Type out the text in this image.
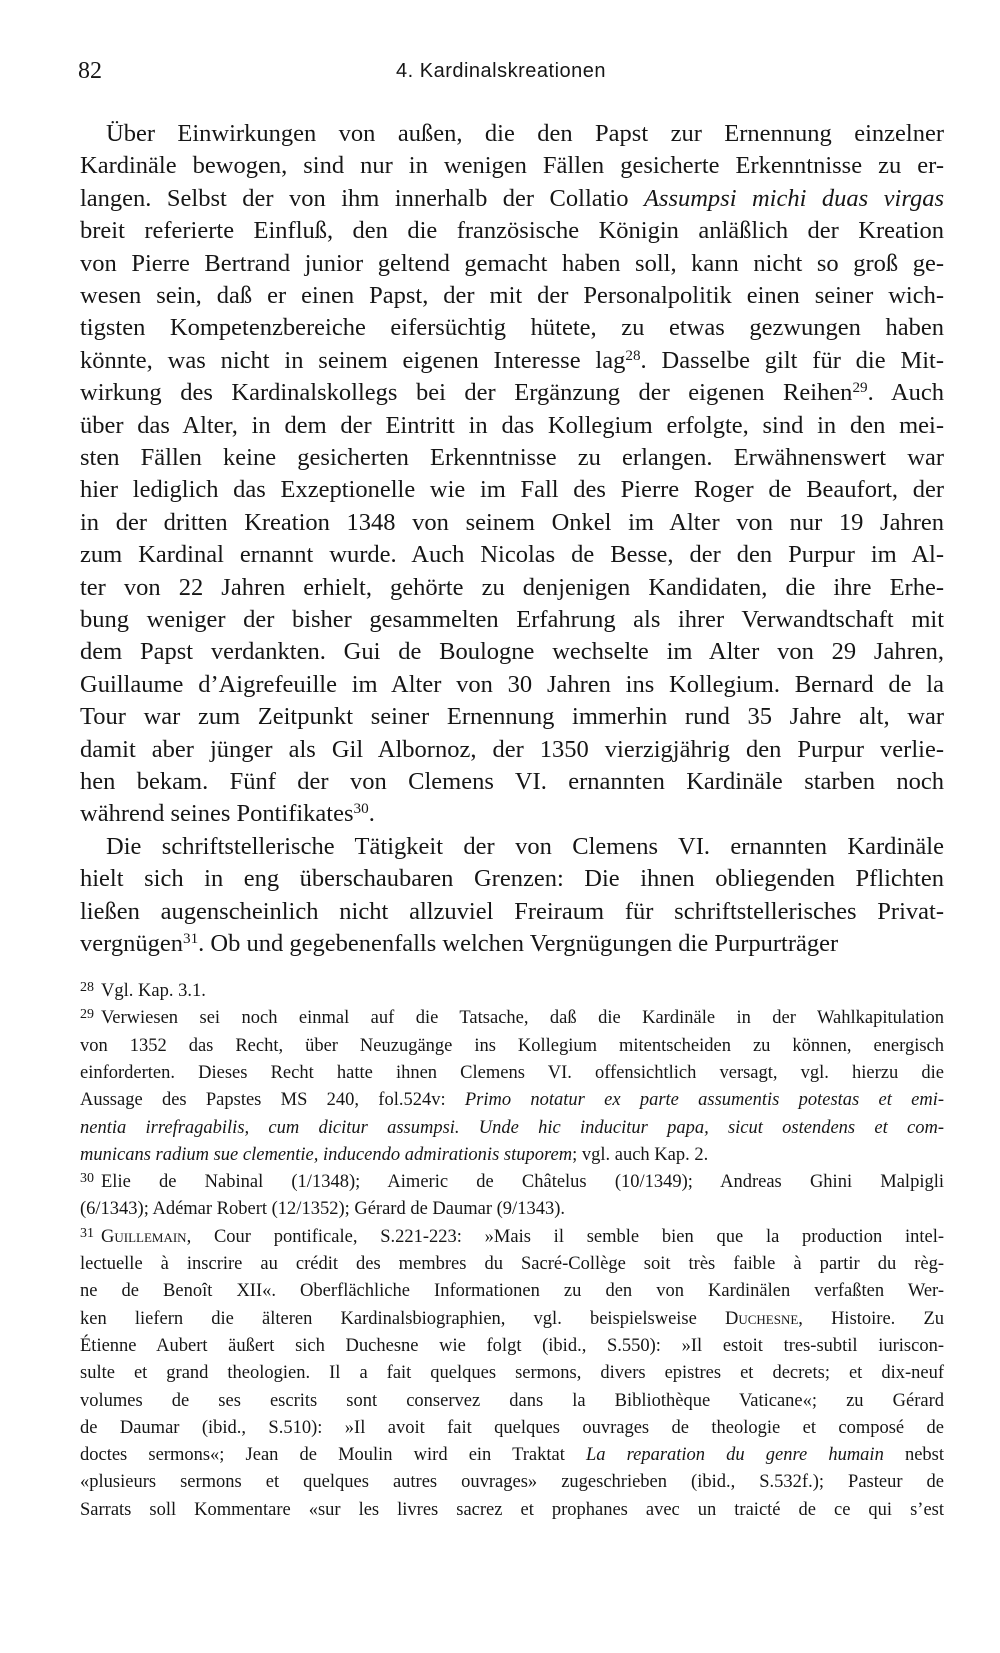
82	4. Kardinalskreationen
Über Einwirkungen von außen, die den Papst zur Ernennung einzelner
Kardinäle bewogen, sind nur in wenigen Fällen gesicherte Erkenntnisse zu er-
langen. Selbst der von ihm innerhalb der Collatio Assumpsi michi duas virgas
breit referierte Einfluß, den die französische Königin anläßlich der Kreation
von Pierre Bertrand junior geltend gemacht haben soll, kann nicht so groß ge-
wesen sein, daß er einen Papst, der mit der Personalpolitik einen seiner wich-
tigsten Kompetenzbereiche eifersüchtig hütete, zu etwas gezwungen haben
könnte, was nicht in seinem eigenen Interesse lag$^{28}$. Dasselbe gilt für die Mit-
wirkung des Kardinalskollegs bei der Ergänzung der eigenen Reihen$^{29}$. Auch
über das Alter, in dem der Eintritt in das Kollegium erfolgte, sind in den mei-
sten Fällen keine gesicherten Erkenntnisse zu erlangen. Erwähnenswert war
hier lediglich das Exzeptionelle wie im Fall des Pierre Roger de Beaufort, der
in der dritten Kreation 1348 von seinem Onkel im Alter von nur 19 Jahren
zum Kardinal ernannt wurde. Auch Nicolas de Besse, der den Purpur im Al-
ter von 22 Jahren erhielt, gehörte zu denjenigen Kandidaten, die ihre Erhe-
bung weniger der bisher gesammelten Erfahrung als ihrer Verwandtschaft mit
dem Papst verdankten. Gui de Boulogne wechselte im Alter von 29 Jahren,
Guillaume d’Aigrefeuille im Alter von 30 Jahren ins Kollegium. Bernard de la
Tour war zum Zeitpunkt seiner Ernennung immerhin rund 35 Jahre alt, war
damit aber jünger als Gil Albornoz, der 1350 vierzigjährig den Purpur verlie-
hen bekam. Fünf der von Clemens VI. ernannten Kardinäle starben noch
während seines Pontifikates$^{30}$.
Die schriftstellerische Tätigkeit der von Clemens VI. ernannten Kardinäle
hielt sich in eng überschaubaren Grenzen: Die ihnen obliegenden Pflichten
ließen augenscheinlich nicht allzuviel Freiraum für schriftstellerisches Privat-
vergnügen$^{31}$. Ob und gegebenenfalls welchen Vergnügungen die Purpurträger
$^{28}$ Vgl. Kap. 3.1.
$^{29}$ Verwiesen sei noch einmal auf die Tatsache, daß die Kardinäle in der Wahlkapitulation
von 1352 das Recht, über Neuzugänge ins Kollegium mitentscheiden zu können, energisch
einforderten. Dieses Recht hatte ihnen Clemens VI. offensichtlich versagt, vgl. hierzu die
Aussage des Papstes MS 240, fol.524v: Primo notatur ex parte assumentis potestas et emi-
nentia irrefragabilis, cum dicitur assumpsi. Unde hic inducitur papa, sicut ostendens et com-
municans radium sue clementie, inducendo admirationis stuporem; vgl. auch Kap. 2.
$^{30}$ Elie de Nabinal (1/1348); Aimeric de Châtelus (10/1349); Andreas Ghini Malpigli
(6/1343); Adémar Robert (12/1352); Gérard de Daumar (9/1343).
$^{31}$ Guillemain, Cour pontificale, S.221-223: »Mais il semble bien que la production intel-
lectuelle à inscrire au crédit des membres du Sacré-Collège soit très faible à partir du règ-
ne de Benoît XII«. Oberflächliche Informationen zu den von Kardinälen verfaßten Wer-
ken liefern die älteren Kardinalsbiographien, vgl. beispielsweise Duchesne, Histoire. Zu
Étienne Aubert äußert sich Duchesne wie folgt (ibid., S.550): »Il estoit tres-subtil iuriscon-
sulte et grand theologien. Il a fait quelques sermons, divers epistres et decrets; et dix-neuf
volumes de ses escrits sont conservez dans la Bibliothèque Vaticane«; zu Gérard
de Daumar (ibid., S.510): »Il avoit fait quelques ouvrages de theologie et composé de
doctes sermons«; Jean de Moulin wird ein Traktat La reparation du genre humain nebst
«plusieurs sermons et quelques autres ouvrages» zugeschrieben (ibid., S.532f.); Pasteur de
Sarrats soll Kommentare «sur les livres sacrez et prophanes avec un traicté de ce qui s’est
